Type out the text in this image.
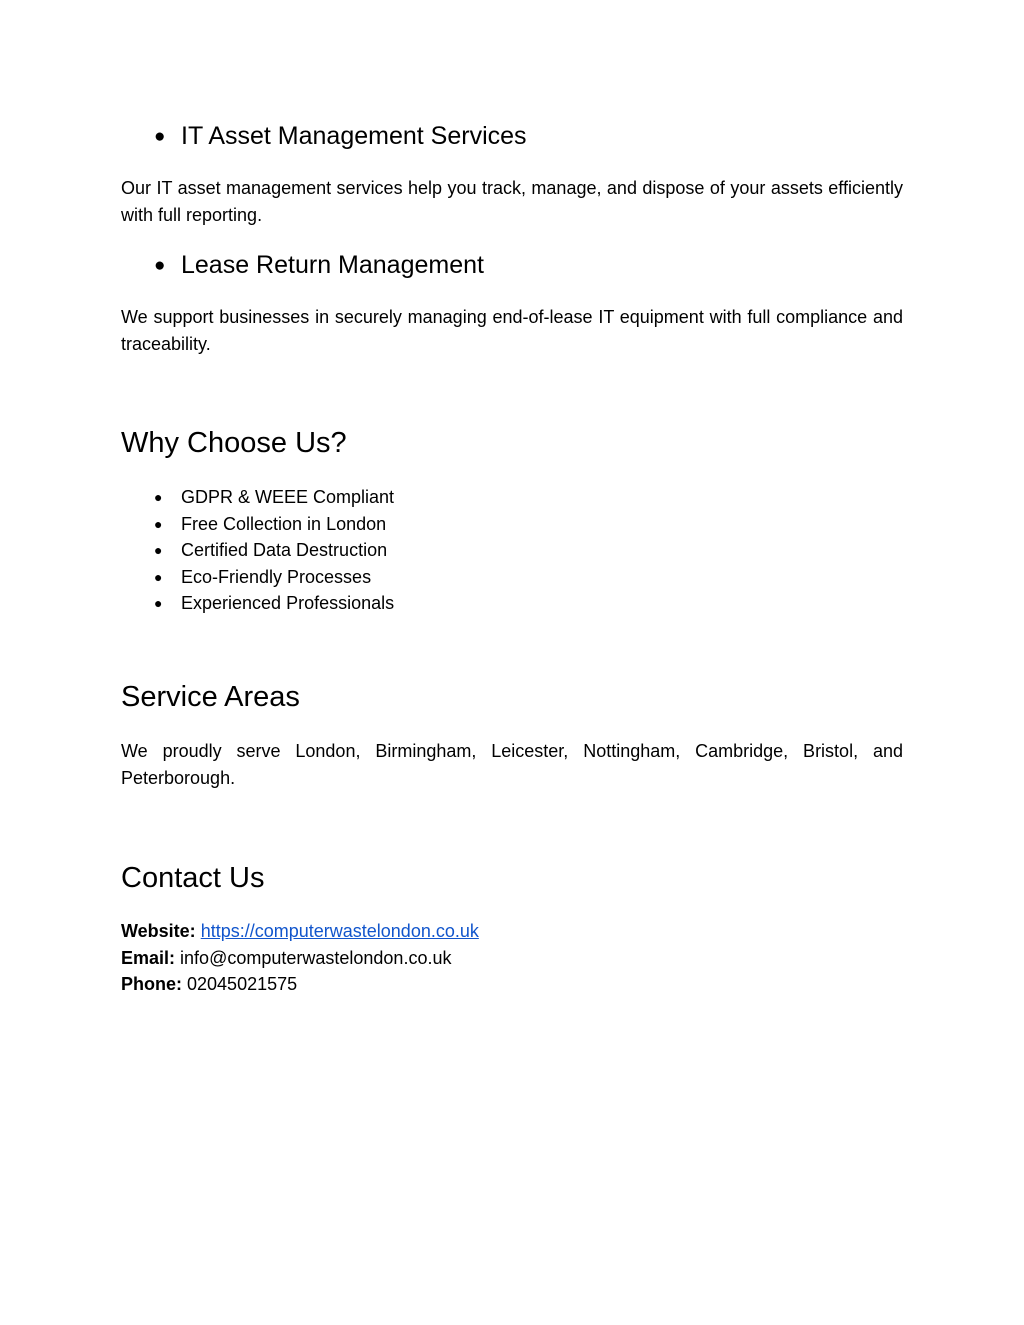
● IT Asset Management Services
Our IT asset management services help you track, manage, and dispose of your assets efficiently with full reporting.
● Lease Return Management
We support businesses in securely managing end-of-lease IT equipment with full compliance and traceability.
Why Choose Us?
● GDPR & WEEE Compliant
● Free Collection in London
● Certified Data Destruction
● Eco-Friendly Processes
● Experienced Professionals
Service Areas
We proudly serve London, Birmingham, Leicester, Nottingham, Cambridge, Bristol, and Peterborough.
Contact Us
Website: https://computerwastelondon.co.uk
Email: info@computerwastelondon.co.uk
Phone: 02045021575
